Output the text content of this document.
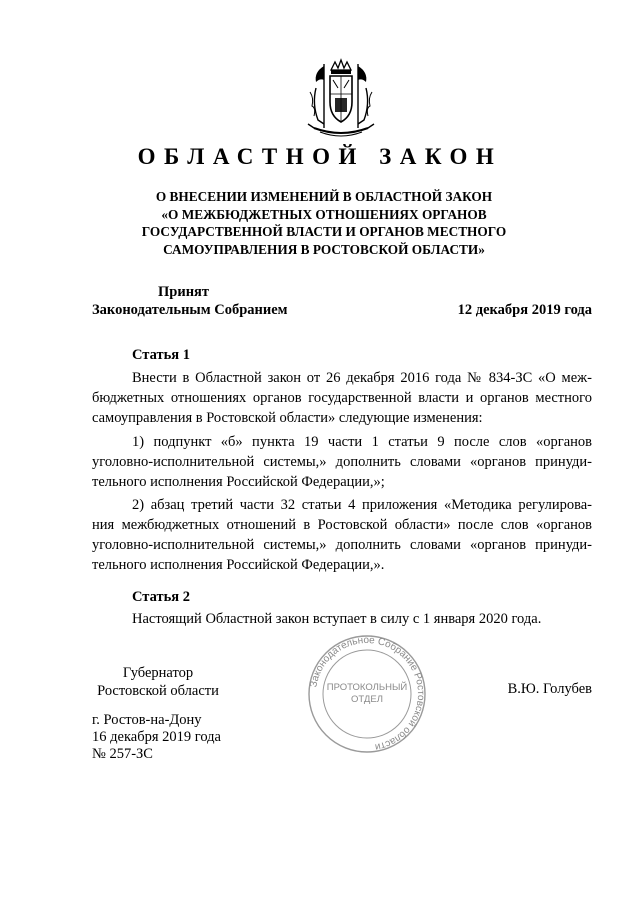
ОБЛАСТНОЙ ЗАКОН
О ВНЕСЕНИИ ИЗМЕНЕНИЙ В ОБЛАСТНОЙ ЗАКОН
«О МЕЖБЮДЖЕТНЫХ ОТНОШЕНИЯХ ОРГАНОВ
ГОСУДАРСТВЕННОЙ ВЛАСТИ И ОРГАНОВ МЕСТНОГО
САМОУПРАВЛЕНИЯ В РОСТОВСКОЙ ОБЛАСТИ»
Принят
Законодательным Собранием	12 декабря 2019 года
Статья 1
Внести в Областной закон от 26 декабря 2016 года № 834-ЗС «О меж-
бюджетных отношениях органов государственной власти и органов местного
самоуправления в Ростовской области» следующие изменения:
1) подпункт «б» пункта 19 части 1 статьи 9 после слов «органов
уголовно-исполнительной системы,» дополнить словами «органов принуди-
тельного исполнения Российской Федерации,»;
2) абзац третий части 32 статьи 4 приложения «Методика регулирова-
ния межбюджетных отношений в Ростовской области» после слов «органов
уголовно-исполнительной системы,» дополнить словами «органов принуди-
тельного исполнения Российской Федерации,».
Статья 2
Настоящий Областной закон вступает в силу с 1 января 2020 года.
Губернатор
Ростовской области	Законодательное Собрание Ростовской области
ПРОТОКОЛЬНЫЙ
ОТДЕЛ
В.Ю. Голубев
г. Ростов-на-Дону
16 декабря 2019 года
№ 257-ЗС
